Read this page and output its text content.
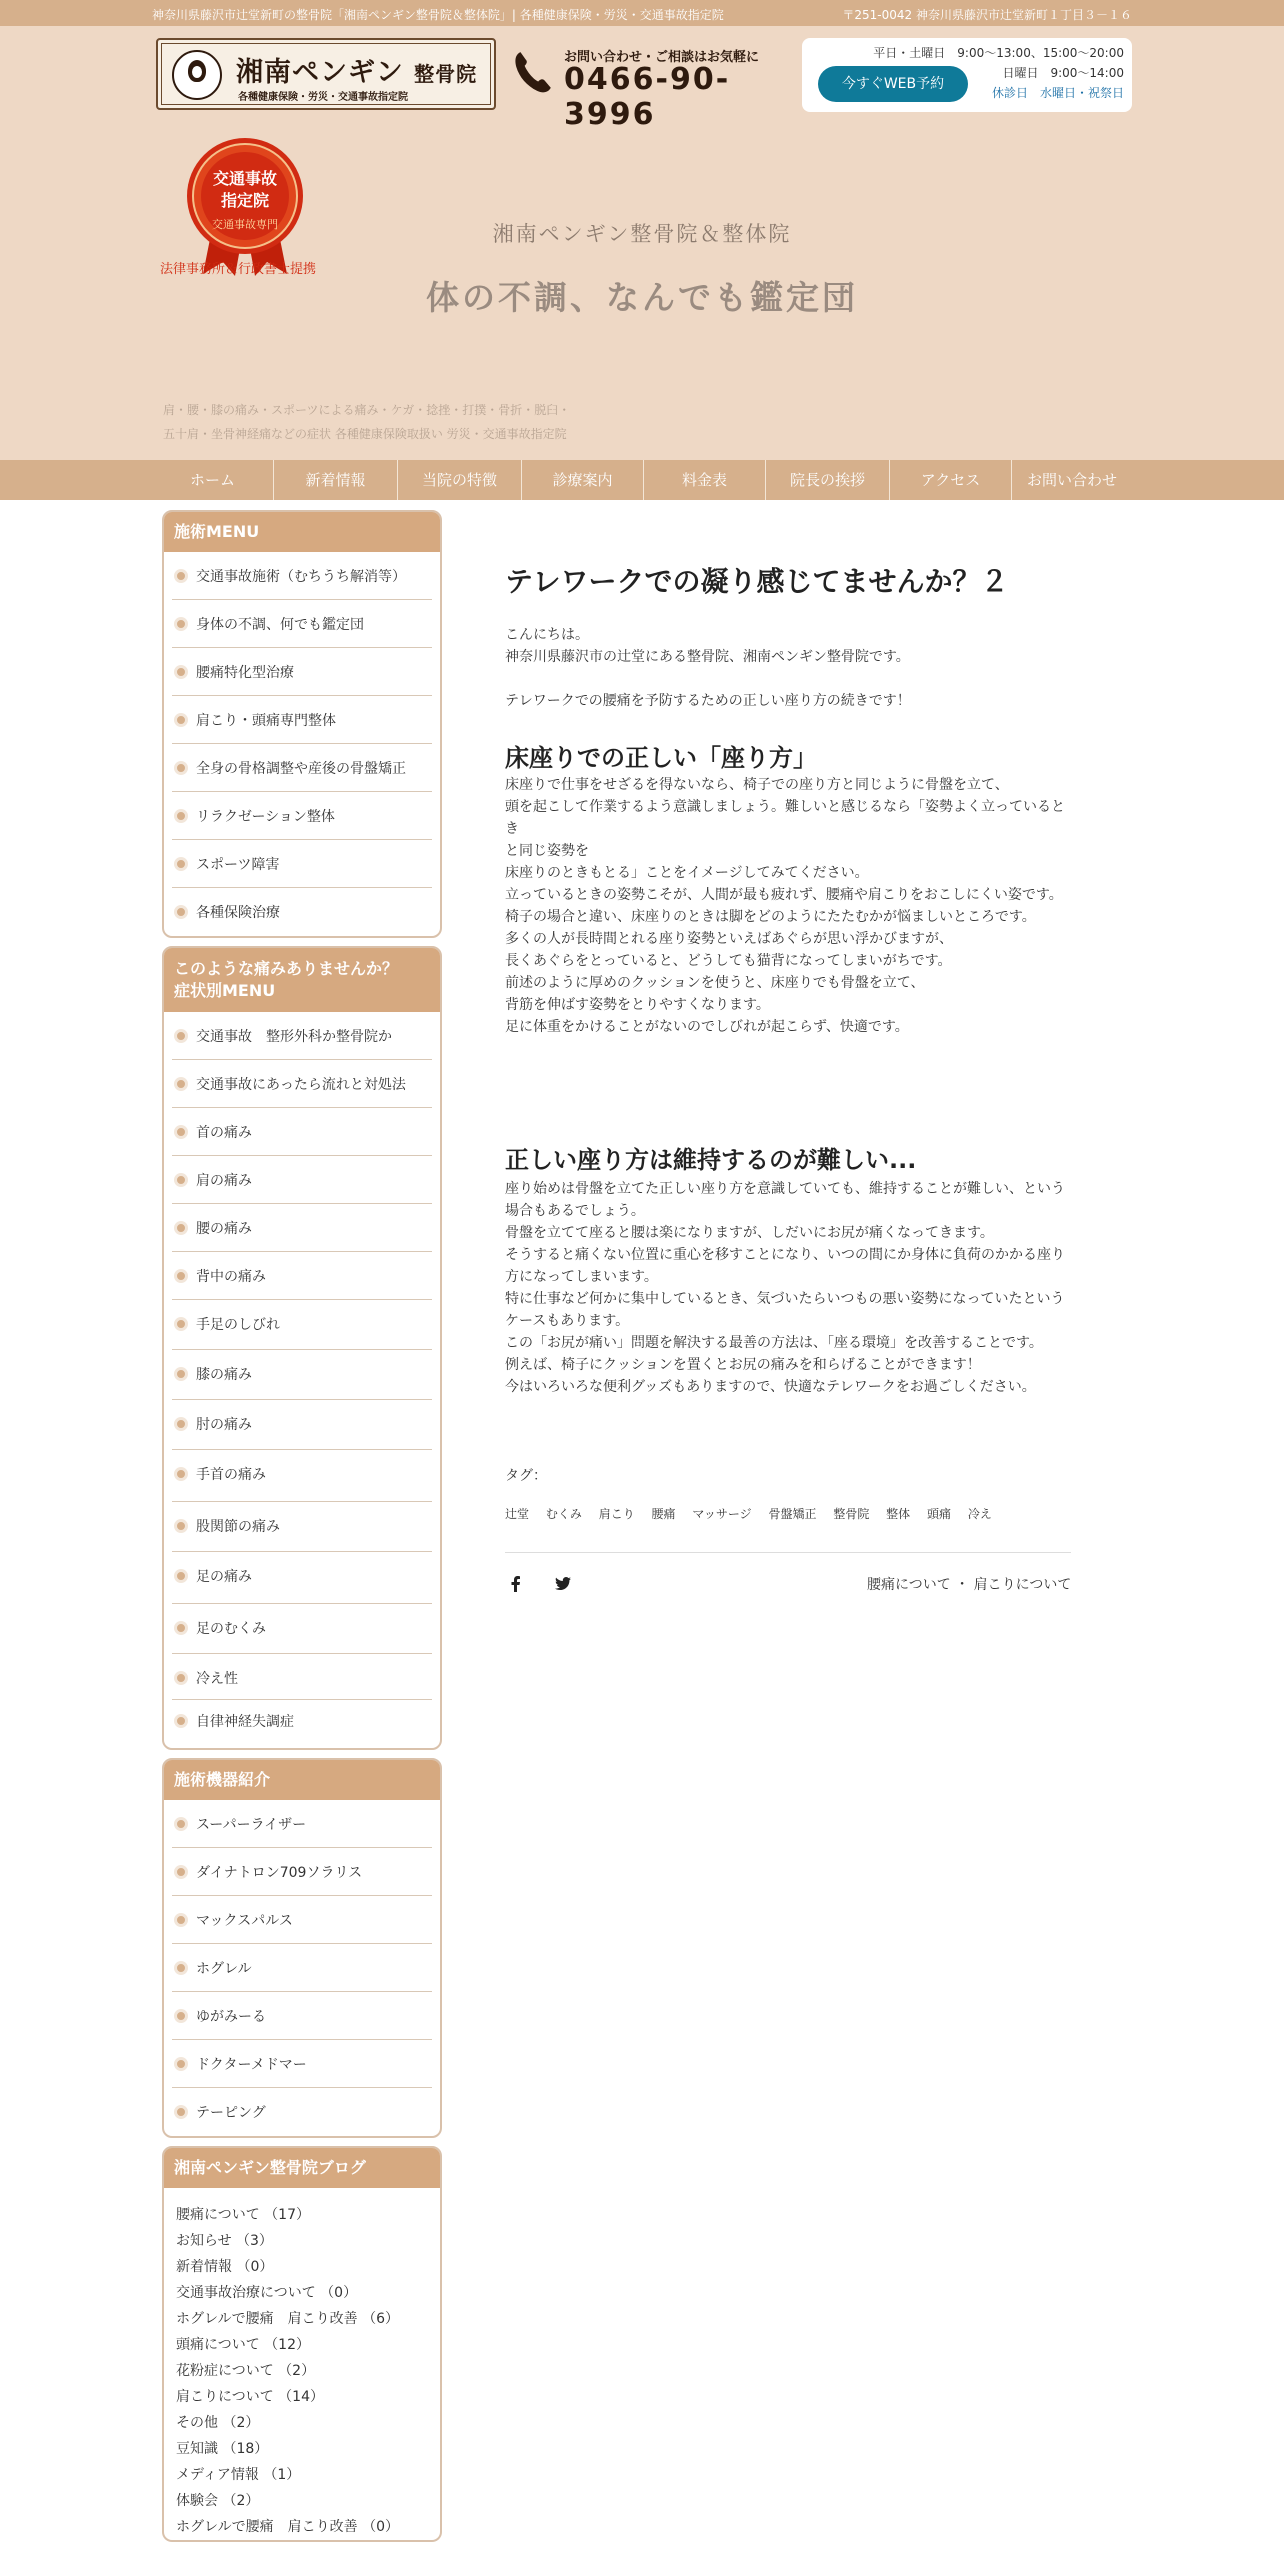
神奈川県藤沢市辻堂新町の整骨院「湘南ペンギン整骨院＆整体院」| 各種健康保険・労災・交通事故指定院	〒251-0042 神奈川県藤沢市辻堂新町１丁目３－１６
湘南ペンギン 整骨院
各種健康保険・労災・交通事故指定院
お問い合わせ・ご相談はお気軽に
0466-90-3996
平日・土曜日　9:00～13:00、15:00～20:00
日曜日　9:00～14:00
休診日　水曜日・祝祭日
今すぐWEB予約
交通事故
指定院
交通事故専門
法律事務所＆行政書士提携
湘南ペンギン整骨院＆整体院
体の不調、なんでも鑑定団
肩・腰・膝の痛み・スポーツによる痛み・ケガ・捻挫・打撲・骨折・脱臼・
五十肩・坐骨神経痛などの症状 各種健康保険取扱い 労災・交通事故指定院
ホーム	新着情報	当院の特徴	診療案内	料金表	院長の挨拶	アクセス	お問い合わせ
施術MENU
交通事故施術（むちうち解消等）
身体の不調、何でも鑑定団
腰痛特化型治療
肩こり・頭痛専門整体
全身の骨格調整や産後の骨盤矯正
リラクゼーション整体
スポーツ障害
各種保険治療
このような痛みありませんか？
症状別MENU
交通事故　整形外科か整骨院か
交通事故にあったら流れと対処法
首の痛み
肩の痛み
腰の痛み
背中の痛み
手足のしびれ
膝の痛み
肘の痛み
手首の痛み
股関節の痛み
足の痛み
足のむくみ
冷え性
自律神経失調症
施術機器紹介
スーパーライザー
ダイナトロン709ソラリス
マックスパルス
ホグレル
ゆがみーる
ドクターメドマー
テーピング
湘南ペンギン整骨院ブログ
腰痛について （17）
お知らせ （3）
新着情報 （0）
交通事故治療について （0）
ホグレルで腰痛　肩こり改善 （6）
頭痛について （12）
花粉症について （2）
肩こりについて （14）
その他 （2）
豆知識 （18）
メディア情報 （1）
体験会 （2）
ホグレルで腰痛　肩こり改善 （0）
テレワークでの凝り感じてませんか？２
こんにちは。
神奈川県藤沢市の辻堂にある整骨院、湘南ペンギン整骨院です。
テレワークでの腰痛を予防するための正しい座り方の続きです！
床座りでの正しい「座り方」
床座りで仕事をせざるを得ないなら、椅子での座り方と同じように骨盤を立て、
頭を起こして作業するよう意識しましょう。難しいと感じるなら「姿勢よく立っているとき
と同じ姿勢を
床座りのときもとる」ことをイメージしてみてください。
立っているときの姿勢こそが、人間が最も疲れず、腰痛や肩こりをおこしにくい姿です。
椅子の場合と違い、床座りのときは脚をどのようにたたむかが悩ましいところです。
多くの人が長時間とれる座り姿勢といえばあぐらが思い浮かびますが、
長くあぐらをとっていると、どうしても猫背になってしまいがちです。
前述のように厚めのクッションを使うと、床座りでも骨盤を立て、
背筋を伸ばす姿勢をとりやすくなります。
足に体重をかけることがないのでしびれが起こらず、快適です。
正しい座り方は維持するのが難しい...
座り始めは骨盤を立てた正しい座り方を意識していても、維持することが難しい、という
場合もあるでしょう。
骨盤を立てて座ると腰は楽になりますが、しだいにお尻が痛くなってきます。
そうすると痛くない位置に重心を移すことになり、いつの間にか身体に負荷のかかる座り
方になってしまいます。
特に仕事など何かに集中しているとき、気づいたらいつもの悪い姿勢になっていたという
ケースもあります。
この「お尻が痛い」問題を解決する最善の方法は、「座る環境」を改善することです。
例えば、椅子にクッションを置くとお尻の痛みを和らげることができます！
今はいろいろな便利グッズもありますので、快適なテレワークをお過ごしください。
タグ：
辻堂 むくみ 肩こり 腰痛 マッサージ 骨盤矯正 整骨院 整体 頭痛 冷え
腰痛について ・ 肩こりについて
